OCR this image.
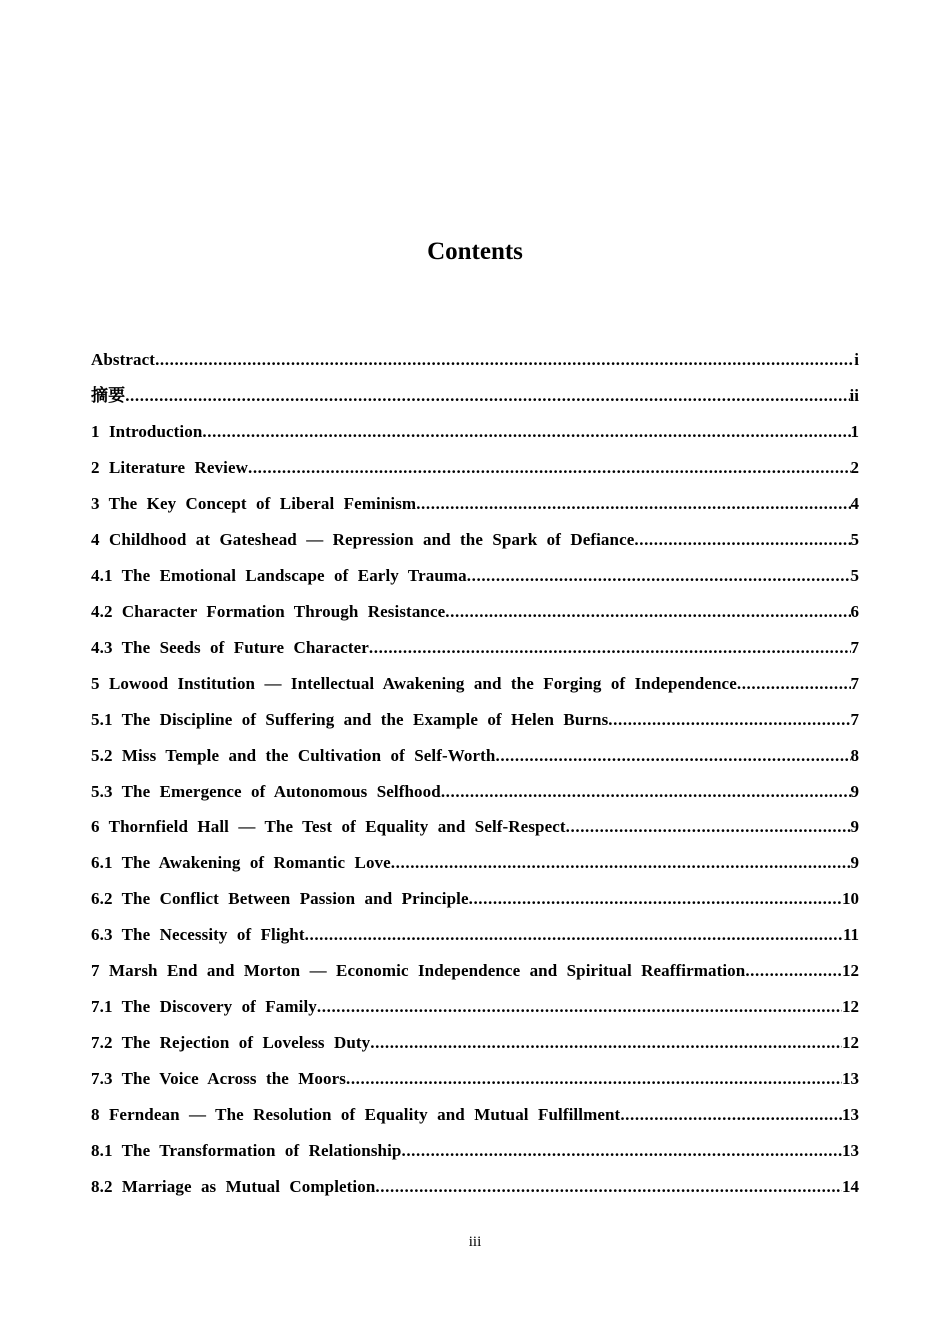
Contents
Abstract .....	i
摘要 .....	ii
1 Introduction .....	1
2 Literature Review .....	2
3 The Key Concept of Liberal Feminism .....	4
4 Childhood at Gateshead — Repression and the Spark of Defiance .....	5
4.1 The Emotional Landscape of Early Trauma .....	5
4.2 Character Formation Through Resistance .....	6
4.3 The Seeds of Future Character .....	7
5 Lowood Institution — Intellectual Awakening and the Forging of Independence .....	7
5.1 The Discipline of Suffering and the Example of Helen Burns .....	7
5.2 Miss Temple and the Cultivation of Self-Worth .....	8
5.3 The Emergence of Autonomous Selfhood .....	9
6 Thornfield Hall — The Test of Equality and Self-Respect .....	9
6.1 The Awakening of Romantic Love .....	9
6.2 The Conflict Between Passion and Principle .....	10
6.3 The Necessity of Flight .....	11
7 Marsh End and Morton — Economic Independence and Spiritual Reaffirmation .....	12
7.1 The Discovery of Family .....	12
7.2 The Rejection of Loveless Duty .....	12
7.3 The Voice Across the Moors .....	13
8 Ferndean — The Resolution of Equality and Mutual Fulfillment .....	13
8.1 The Transformation of Relationship .....	13
8.2 Marriage as Mutual Completion .....	14
iii
